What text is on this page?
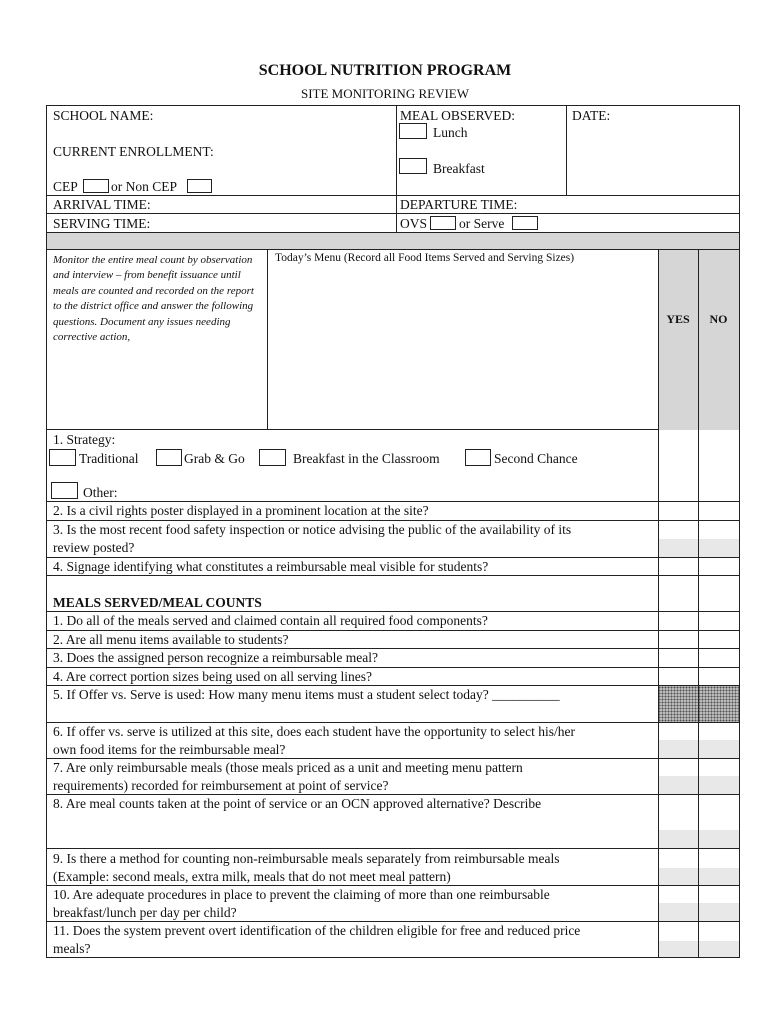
SCHOOL NUTRITION PROGRAM
SITE MONITORING REVIEW
SCHOOL NAME:
CURRENT ENROLLMENT:
CEP or Non CEP
ARRIVAL TIME:
SERVING TIME:
MEAL OBSERVED:
Lunch
Breakfast
DATE:
DEPARTURE TIME:
OVS or Serve
Monitor the entire meal count by observation and interview – from benefit issuance until meals are counted and recorded on the report to the district office and answer the following questions. Document any issues needing corrective action,
Today’s Menu (Record all Food Items Served and Serving Sizes)
YES	NO
1. Strategy:
Traditional	Grab & Go	Breakfast in the Classroom	Second Chance
Other:
2. Is a civil rights poster displayed in a prominent location at the site?
3. Is the most recent food safety inspection or notice advising the public of the availability of its
review posted?
4. Signage identifying what constitutes a reimbursable meal visible for students?
MEALS SERVED/MEAL COUNTS
1. Do all of the meals served and claimed contain all required food components?
2. Are all menu items available to students?
3. Does the assigned person recognize a reimbursable meal?
4. Are correct portion sizes being used on all serving lines?
5. If Offer vs. Serve is used: How many menu items must a student select today? __________
6. If offer vs. serve is utilized at this site, does each student have the opportunity to select his/her
own food items for the reimbursable meal?
7. Are only reimbursable meals (those meals priced as a unit and meeting menu pattern
requirements) recorded for reimbursement at point of service?
8. Are meal counts taken at the point of service or an OCN approved alternative? Describe
9. Is there a method for counting non-reimbursable meals separately from reimbursable meals
(Example: second meals, extra milk, meals that do not meet meal pattern)
10. Are adequate procedures in place to prevent the claiming of more than one reimbursable
breakfast/lunch per day per child?
11. Does the system prevent overt identification of the children eligible for free and reduced price
meals?
